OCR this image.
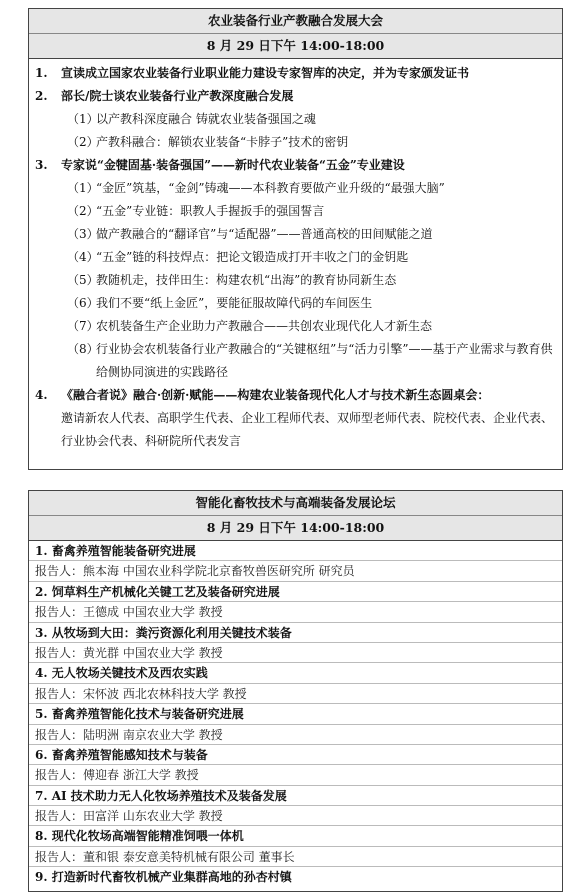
农业装备行业产教融合发展大会
8 月 29 日下午 14:00-18:00
1.	宣读成立国家农业装备行业职业能力建设专家智库的决定，并为专家颁发证书
2.	部长/院士谈农业装备行业产教深度融合发展
（1）
以产教科深度融合 铸就农业装备强国之魂
（2）
产教科融合：解锁农业装备“卡脖子”技术的密钥
3.	专家说“金犍固基·装备强国”——新时代农业装备“五金”专业建设
（1）
“金匠”筑基，“金剑”铸魂——本科教育要做产业升级的“最强大脑”
（2）
“五金”专业链：职教人手握扳手的强国誓言
（3）
做产教融合的“翻译官”与“适配器”——普通高校的田间赋能之道
（4）
“五金”链的科技焊点：把论文锻造成打开丰收之门的金钥匙
（5）
教随机走，技伴田生：构建农机“出海”的教育协同新生态
（6）
我们不要“纸上金匠”，要能征服故障代码的车间医生
（7）
农机装备生产企业助力产教融合——共创农业现代化人才新生态
（8）
行业协会农机装备行业产教融合的“关键枢纽”与“活力引擎”——基于产业需求与教育供给侧协同演进的实践路径
4.	《融合者说》融合·创新·赋能——构建农业装备现代化人才与技术新生态圆桌会：
邀请新农人代表、高职学生代表、企业工程师代表、双师型老师代表、院校代表、企业代表、行业协会代表、科研院所代表发言
智能化畜牧技术与高端装备发展论坛
8 月 29 日下午 14:00-18:00
1. 畜禽养殖智能装备研究进展
报告人：熊本海 中国农业科学院北京畜牧兽医研究所 研究员
2. 饲草料生产机械化关键工艺及装备研究进展
报告人：王德成 中国农业大学 教授
3. 从牧场到大田：粪污资源化利用关键技术装备
报告人：黄光群 中国农业大学 教授
4. 无人牧场关键技术及西农实践
报告人：宋怀波 西北农林科技大学 教授
5. 畜禽养殖智能化技术与装备研究进展
报告人：陆明洲 南京农业大学 教授
6. 畜禽养殖智能感知技术与装备
报告人：傅迎春 浙江大学 教授
7. AI 技术助力无人化牧场养殖技术及装备发展
报告人：田富洋 山东农业大学 教授
8. 现代化牧场高端智能精准饲喂一体机
报告人：董和银 泰安意美特机械有限公司 董事长
9. 打造新时代畜牧机械产业集群高地的孙杏村镇
